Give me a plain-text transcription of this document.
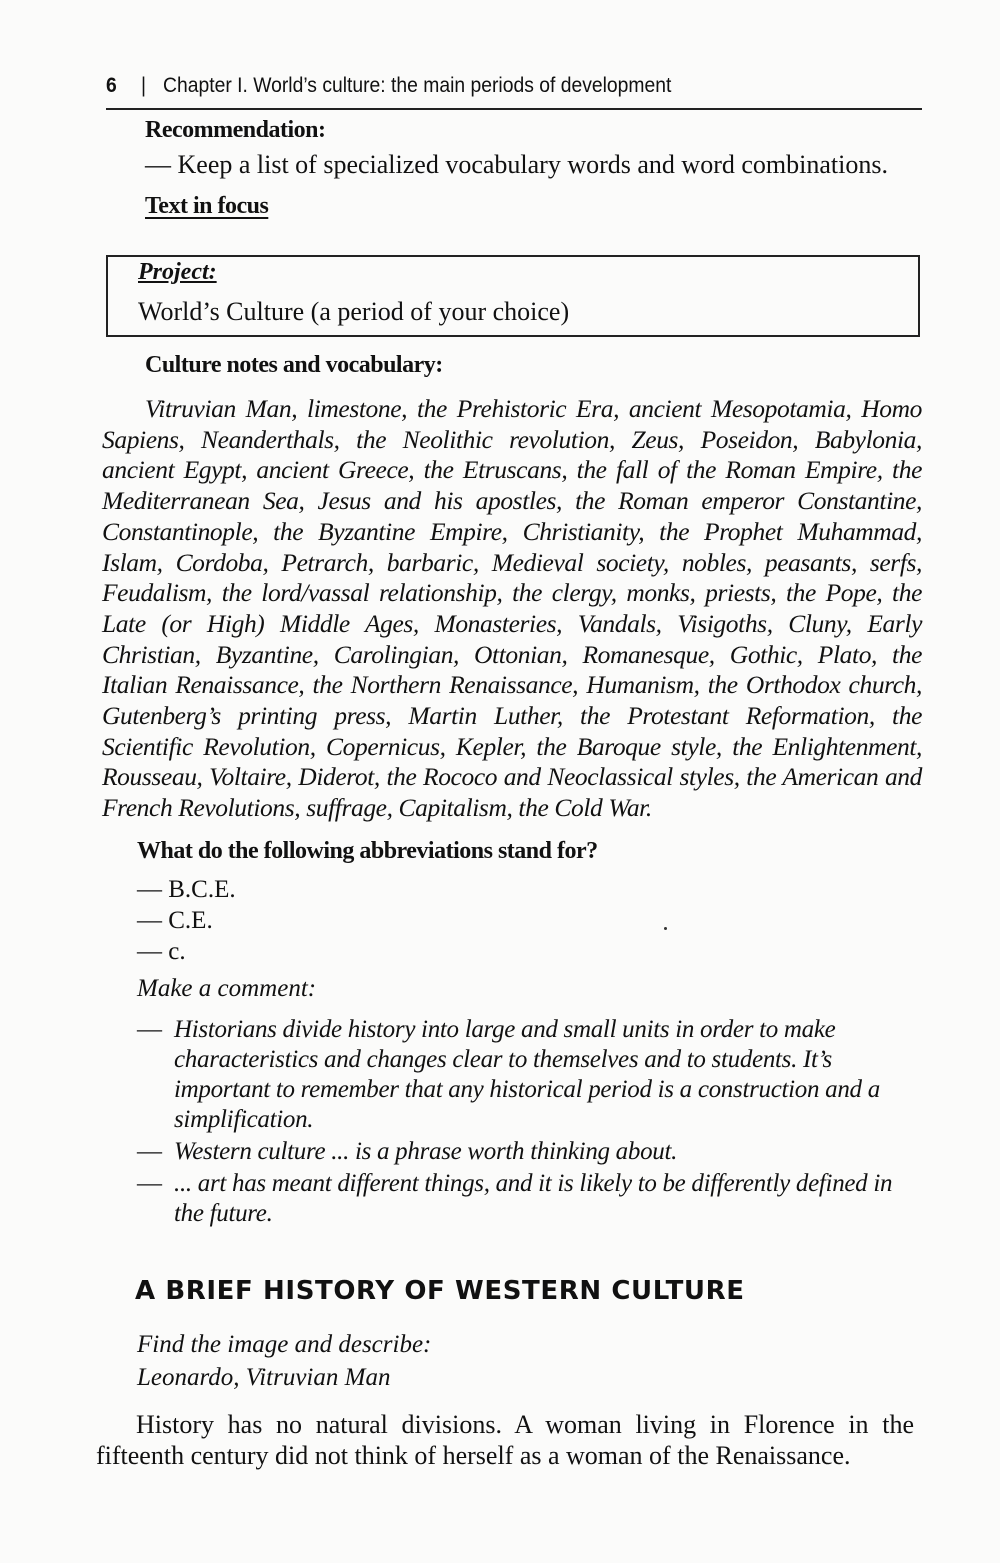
6 | Chapter I. World’s culture: the main periods of development
Recommendation:
— Keep a list of specialized vocabulary words and word combinations.
Text in focus
Project:
World’s Culture (a period of your choice)
Culture notes and vocabulary:
Vitruvian Man, limestone, the Prehistoric Era, ancient Mesopotamia, Homo Sapiens, Neanderthals, the Neolithic revolution, Zeus, Poseidon, Babylonia, ancient Egypt, ancient Greece, the Etruscans, the fall of the Roman Empire, the Mediterranean Sea, Jesus and his apostles, the Roman emperor Constantine, Constantinople, the Byzantine Empire, Christianity, the Prophet Muhammad, Islam, Cordoba, Petrarch, barbaric, Medieval society, nobles, peasants, serfs, Feudalism, the lord/vassal relationship, the clergy, monks, priests, the Pope, the Late (or High) Middle Ages, Monasteries, Vandals, Visigoths, Cluny, Early Christian, Byzantine, Carolingian, Ottonian, Romanesque, Gothic, Plato, the Italian Renaissance, the Northern Renaissance, Humanism, the Orthodox church, Gutenberg’s printing press, Martin Luther, the Protestant Reformation, the Scientific Revolution, Copernicus, Kepler, the Baroque style, the Enlightenment, Rousseau, Voltaire, Diderot, the Rococo and Neoclassical styles, the American and French Revolutions, suffrage, Capitalism, the Cold War.
What do the following abbreviations stand for?
— B.C.E.
— C.E.
— c.
Make a comment:
— Historians divide history into large and small units in order to make characteristics and changes clear to themselves and to students. It’s important to remember that any historical period is a construction and a simplification.
— Western culture ... is a phrase worth thinking about.
— ... art has meant different things, and it is likely to be differently defined in the future.
A BRIEF HISTORY OF WESTERN CULTURE
Find the image and describe:
Leonardo, Vitruvian Man
History has no natural divisions. A woman living in Florence in the fifteenth century did not think of herself as a woman of the Renaissance.
